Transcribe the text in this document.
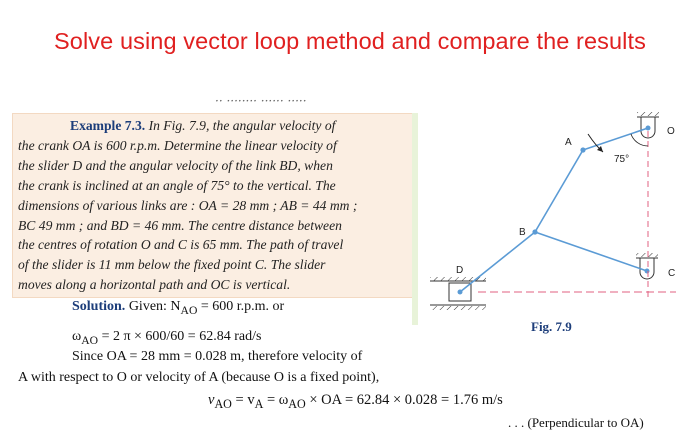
Solve using vector loop method and compare the results
·· ········ ······ ·····
Example 7.3. In Fig. 7.9, the angular velocity of
the crank OA is 600 r.p.m. Determine the linear velocity of
the slider D and the angular velocity of the link BD, when
the crank is inclined at an angle of 75° to the vertical. The
dimensions of various links are : OA = 28 mm ; AB = 44 mm ;
BC 49 mm ; and BD = 46 mm. The centre distance between
the centres of rotation O and C is 65 mm. The path of travel
of the slider is 11 mm below the fixed point C. The slider
moves along a horizontal path and OC is vertical.
Solution. Given: $N_{AO} = 600$ r.p.m. or
$\omega_{AO} = 2$ π × 600/60 = 62.84 rad/s
Since OA = 28 mm = 0.028 m, therefore velocity of
A with respect to O or velocity of A (because O is a fixed point),
$v_{AO} = v_A = \omega_{AO}$ × OA = 62.84 × 0.028 = 1.76 m/s
. . . (Perpendicular to OA)
A
B
C
D
O
75°
Fig. 7.9
